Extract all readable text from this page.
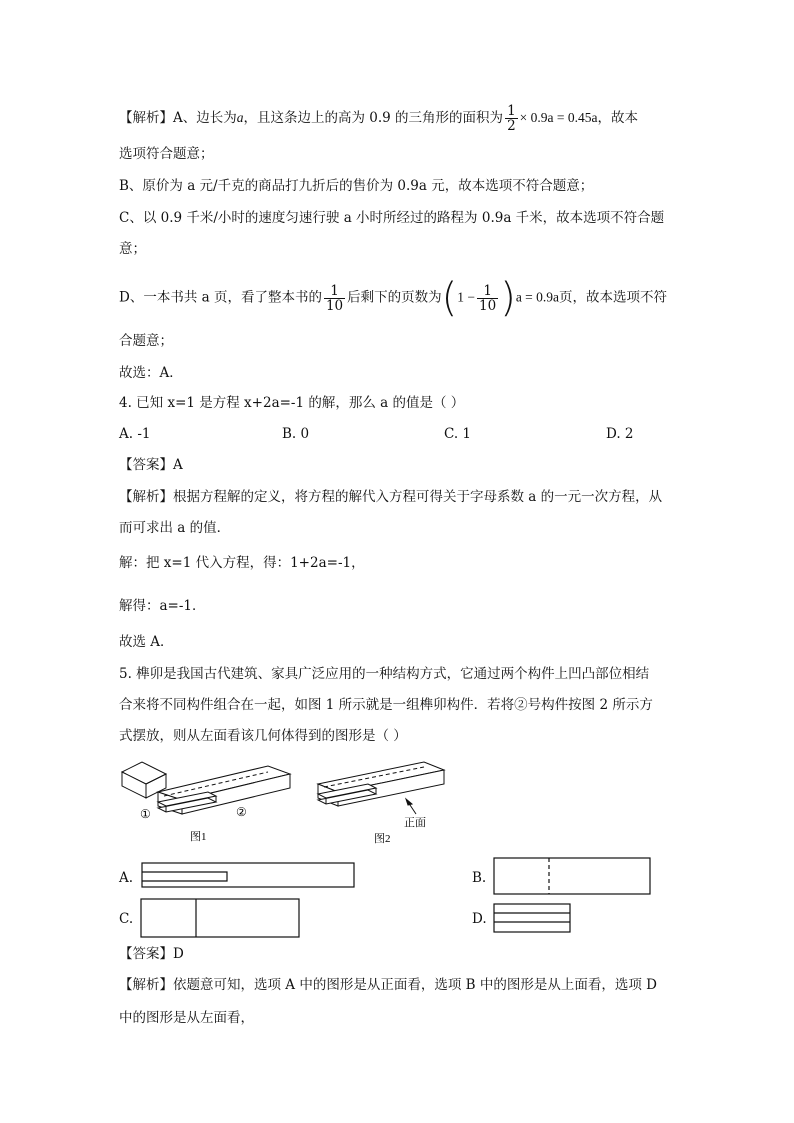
【解析】A、边长为a，且这条边上的高为 0.9 的三角形的面积为 $\frac{1}{2} \times 0.9a = 0.45a$，故本
选项符合题意；
B、原价为 a 元/千克的商品打九折后的售价为 0.9a 元，故本选项不符合题意；
C、以 0.9 千米/小时的速度匀速行驶 a 小时所经过的路程为 0.9a 千米，故本选项不符合题
意；
D、一本书共 a 页，看了整本书的 $\frac{1}{10}$ 后剩下的页数为$(1 - \frac{1}{10} )a = 0.9a$页，故本选项不符
合题意；
故选：A．
4. 已知 x=1 是方程 x+2a=-1 的解，那么 a 的值是（ ）
A. -1	B. 0	C. 1	D. 2
【答案】A
【解析】根据方程解的定义，将方程的解代入方程可得关于字母系数 a 的一元一次方程，从
而可求出 a 的值．
解：把 x=1 代入方程，得：1+2a=-1，
解得：a=-1．
故选 A．
5. 榫卯是我国古代建筑、家具广泛应用的一种结构方式，它通过两个构件上凹凸部位相结
合来将不同构件组合在一起，如图 1 所示就是一组榫卯构件．若将②号构件按图 2 所示方
式摆放，则从左面看该几何体得到的图形是（ ）
①	②
图1
正面
图2
A.	B.
C.	D.
【答案】D
【解析】依题意可知，选项 A 中的图形是从正面看，选项 B 中的图形是从上面看，选项 D
中的图形是从左面看，
